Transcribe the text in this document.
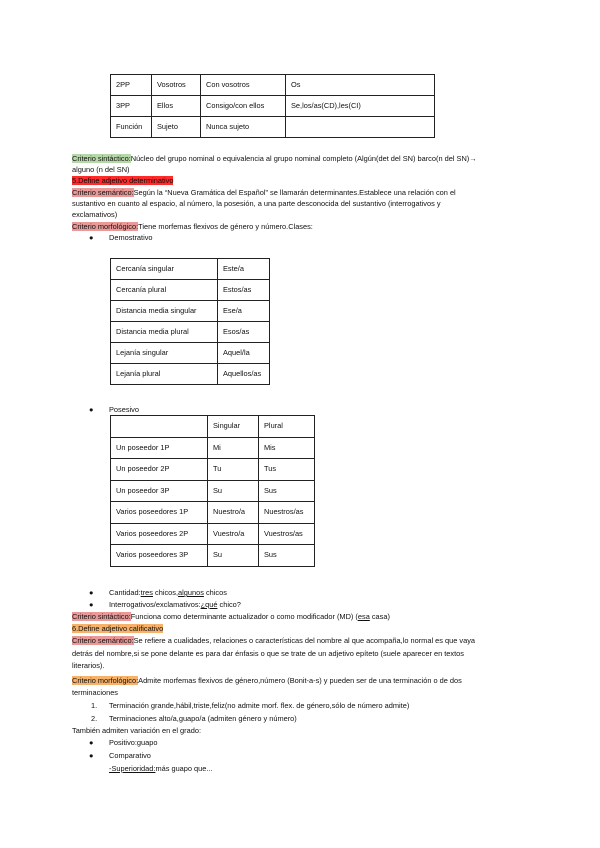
2PP	Vosotros	Con vosotros	Os
3PP	Ellos	Consigo/con ellos	Se,los/as(CD),les(CI)
Función	Sujeto	Nunca sujeto	
Criterio sintáctico:Núcleo del grupo nominal o equivalencia al grupo nominal completo (Algún(det del SN) barco(n del SN)→
alguno (n del SN)
5.Define adjetivo determinativo
Criterio semántico:Según la “Nueva Gramática del Español” se llamarán determinantes.Establece una relación con el
sustantivo en cuanto al espacio, al número, la posesión, a una parte desconocida del sustantivo (interrogativos y
exclamativos)
Criterio morfológico:Tiene morfemas flexivos de género y número.Clases:
● Demostrativo
Cercanía singular	Este/a
Cercanía plural	Estos/as
Distancia media singular	Ese/a
Distancia media plural	Esos/as
Lejanía singular	Aquel/la
Lejanía plural	Aquellos/as
● Posesivo
	Singular	Plural
Un poseedor 1P	Mi	Mis
Un poseedor 2P	Tu	Tus
Un poseedor 3P	Su	Sus
Varios poseedores 1P	Nuestro/a	Nuestros/as
Varios poseedores 2P	Vuestro/a	Vuestros/as
Varios poseedores 3P	Su	Sus
● Cantidad:tres chicos,algunos chicos
● Interrogativos/exclamativos:¿qué chico?
Criterio sintáctico:Funciona como determinante actualizador o como modificador (MD) (esa casa)
6.Define adjetivo calificativo
Criterio semántico:Se refiere a cualidades, relaciones o características del nombre al que acompaña,lo normal es que vaya
detrás del nombre,si se pone delante es para dar énfasis o que se trate de un adjetivo epíteto (suele aparecer en textos
literarios).
Criterio morfológico:Admite morfemas flexivos de género,número (Bonit-a-s) y pueden ser de una terminación o de dos
terminaciones
1. Terminación grande,hábil,triste,feliz(no admite morf. flex. de género,sólo de número admite)
2. Terminaciones alto/a,guapo/a (admiten género y número)
También admiten variación en el grado:
● Positivo:guapo
● Comparativo
-Superioridad:más guapo que...
